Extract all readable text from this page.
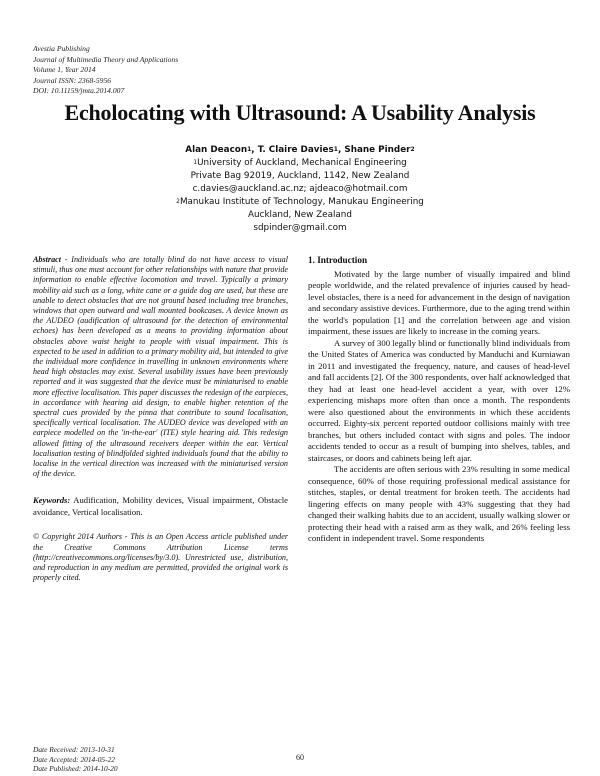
Avestia Publishing
Journal of Multimedia Theory and Applications
Volume 1, Year 2014
Journal ISSN: 2368-5956
DOI: 10.11159/jmta.2014.007
Echolocating with Ultrasound: A Usability Analysis
Alan Deacon$^1$, T. Claire Davies$^1$, Shane Pinder$^2$
$^1$University of Auckland, Mechanical Engineering
Private Bag 92019, Auckland, 1142, New Zealand
c.davies@auckland.ac.nz; ajdeaco@hotmail.com
$^2$Manukau Institute of Technology, Manukau Engineering
Auckland, New Zealand
sdpinder@gmail.com
Abstract - Individuals who are totally blind do not have access to visual stimuli, thus one must account for other relationships with nature that provide information to enable effective locomotion and travel. Typically a primary mobility aid such as a long, white cane or a guide dog are used, but these are unable to detect obstacles that are not ground based including tree branches, windows that open outward and wall mounted bookcases. A device known as the AUDEO (audification of ultrasound for the detection of environmental echoes) has been developed as a means to providing information about obstacles above waist height to people with visual impairment. This is expected to be used in addition to a primary mobility aid, but intended to give the individual more confidence in travelling in unknown environments where head high obstacles may exist. Several usability issues have been previously reported and it was suggested that the device must be miniaturised to enable more effective localisation. This paper discusses the redesign of the earpieces, in accordance with hearing aid design, to enable higher retention of the spectral cues provided by the pinna that contribute to sound localisation, specifically vertical localisation. The AUDEO device was developed with an earpiece modelled on the 'in-the-ear' (ITE) style hearing aid. This redesign allowed fitting of the ultrasound receivers deeper within the ear. Vertical localisation testing of blindfolded sighted individuals found that the ability to localise in the vertical direction was increased with the miniaturised version of the device.
Keywords: Audification, Mobility devices, Visual impairment, Obstacle avoidance, Vertical localisation.
© Copyright 2014 Authors - This is an Open Access article published under the Creative Commons Attribution License terms (http://creativecommons.org/licenses/by/3.0). Unrestricted use, distribution, and reproduction in any medium are permitted, provided the original work is properly cited.
1. Introduction

Motivated by the large number of visually impaired and blind people worldwide, and the related prevalence of injuries caused by head-level obstacles, there is a need for advancement in the design of navigation and secondary assistive devices. Furthermore, due to the aging trend within the world's population [1] and the correlation between age and vision impairment, these issues are likely to increase in the coming years.

A survey of 300 legally blind or functionally blind individuals from the United States of America was conducted by Manduchi and Kurniawan in 2011 and investigated the frequency, nature, and causes of head-level and fall accidents [2]. Of the 300 respondents, over half acknowledged that they had at least one head-level accident a year, with over 12% experiencing mishaps more often than once a month. The respondents were also questioned about the environments in which these accidents occurred. Eighty-six percent reported outdoor collisions mainly with tree branches, but others included contact with signs and poles. The indoor accidents tended to occur as a result of bumping into shelves, tables, and staircases, or doors and cabinets being left ajar.

The accidents are often serious with 23% resulting in some medical consequence, 60% of those requiring professional medical assistance for stitches, staples, or dental treatment for broken teeth. The accidents had lingering effects on many people with 43% suggesting that they had changed their walking habits due to an accident, usually walking slower or protecting their head with a raised arm as they walk, and 26% feeling less confident in independent travel. Some respondents

Date Received: 2013-10-31
Date Accepted: 2014-05-22
Date Published: 2014-10-20
60
